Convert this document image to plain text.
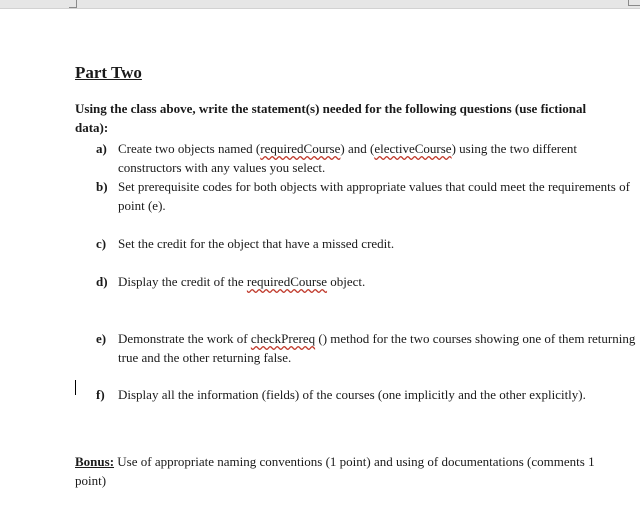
Part Two

Using the class above, write the statement(s) needed for the following questions (use fictional data):

a) Create two objects named (requiredCourse) and (electiveCourse) using the two different constructors with any values you select.
b) Set prerequisite codes for both objects with appropriate values that could meet the requirements of point (e).
c) Set the credit for the object that have a missed credit.
d) Display the credit of the requiredCourse object.
e) Demonstrate the work of checkPrereq () method for the two courses showing one of them returning true and the other returning false.
f) Display all the information (fields) of the courses (one implicitly and the other explicitly).
Bonus: Use of appropriate naming conventions (1 point) and using of documentations (comments 1 point)
